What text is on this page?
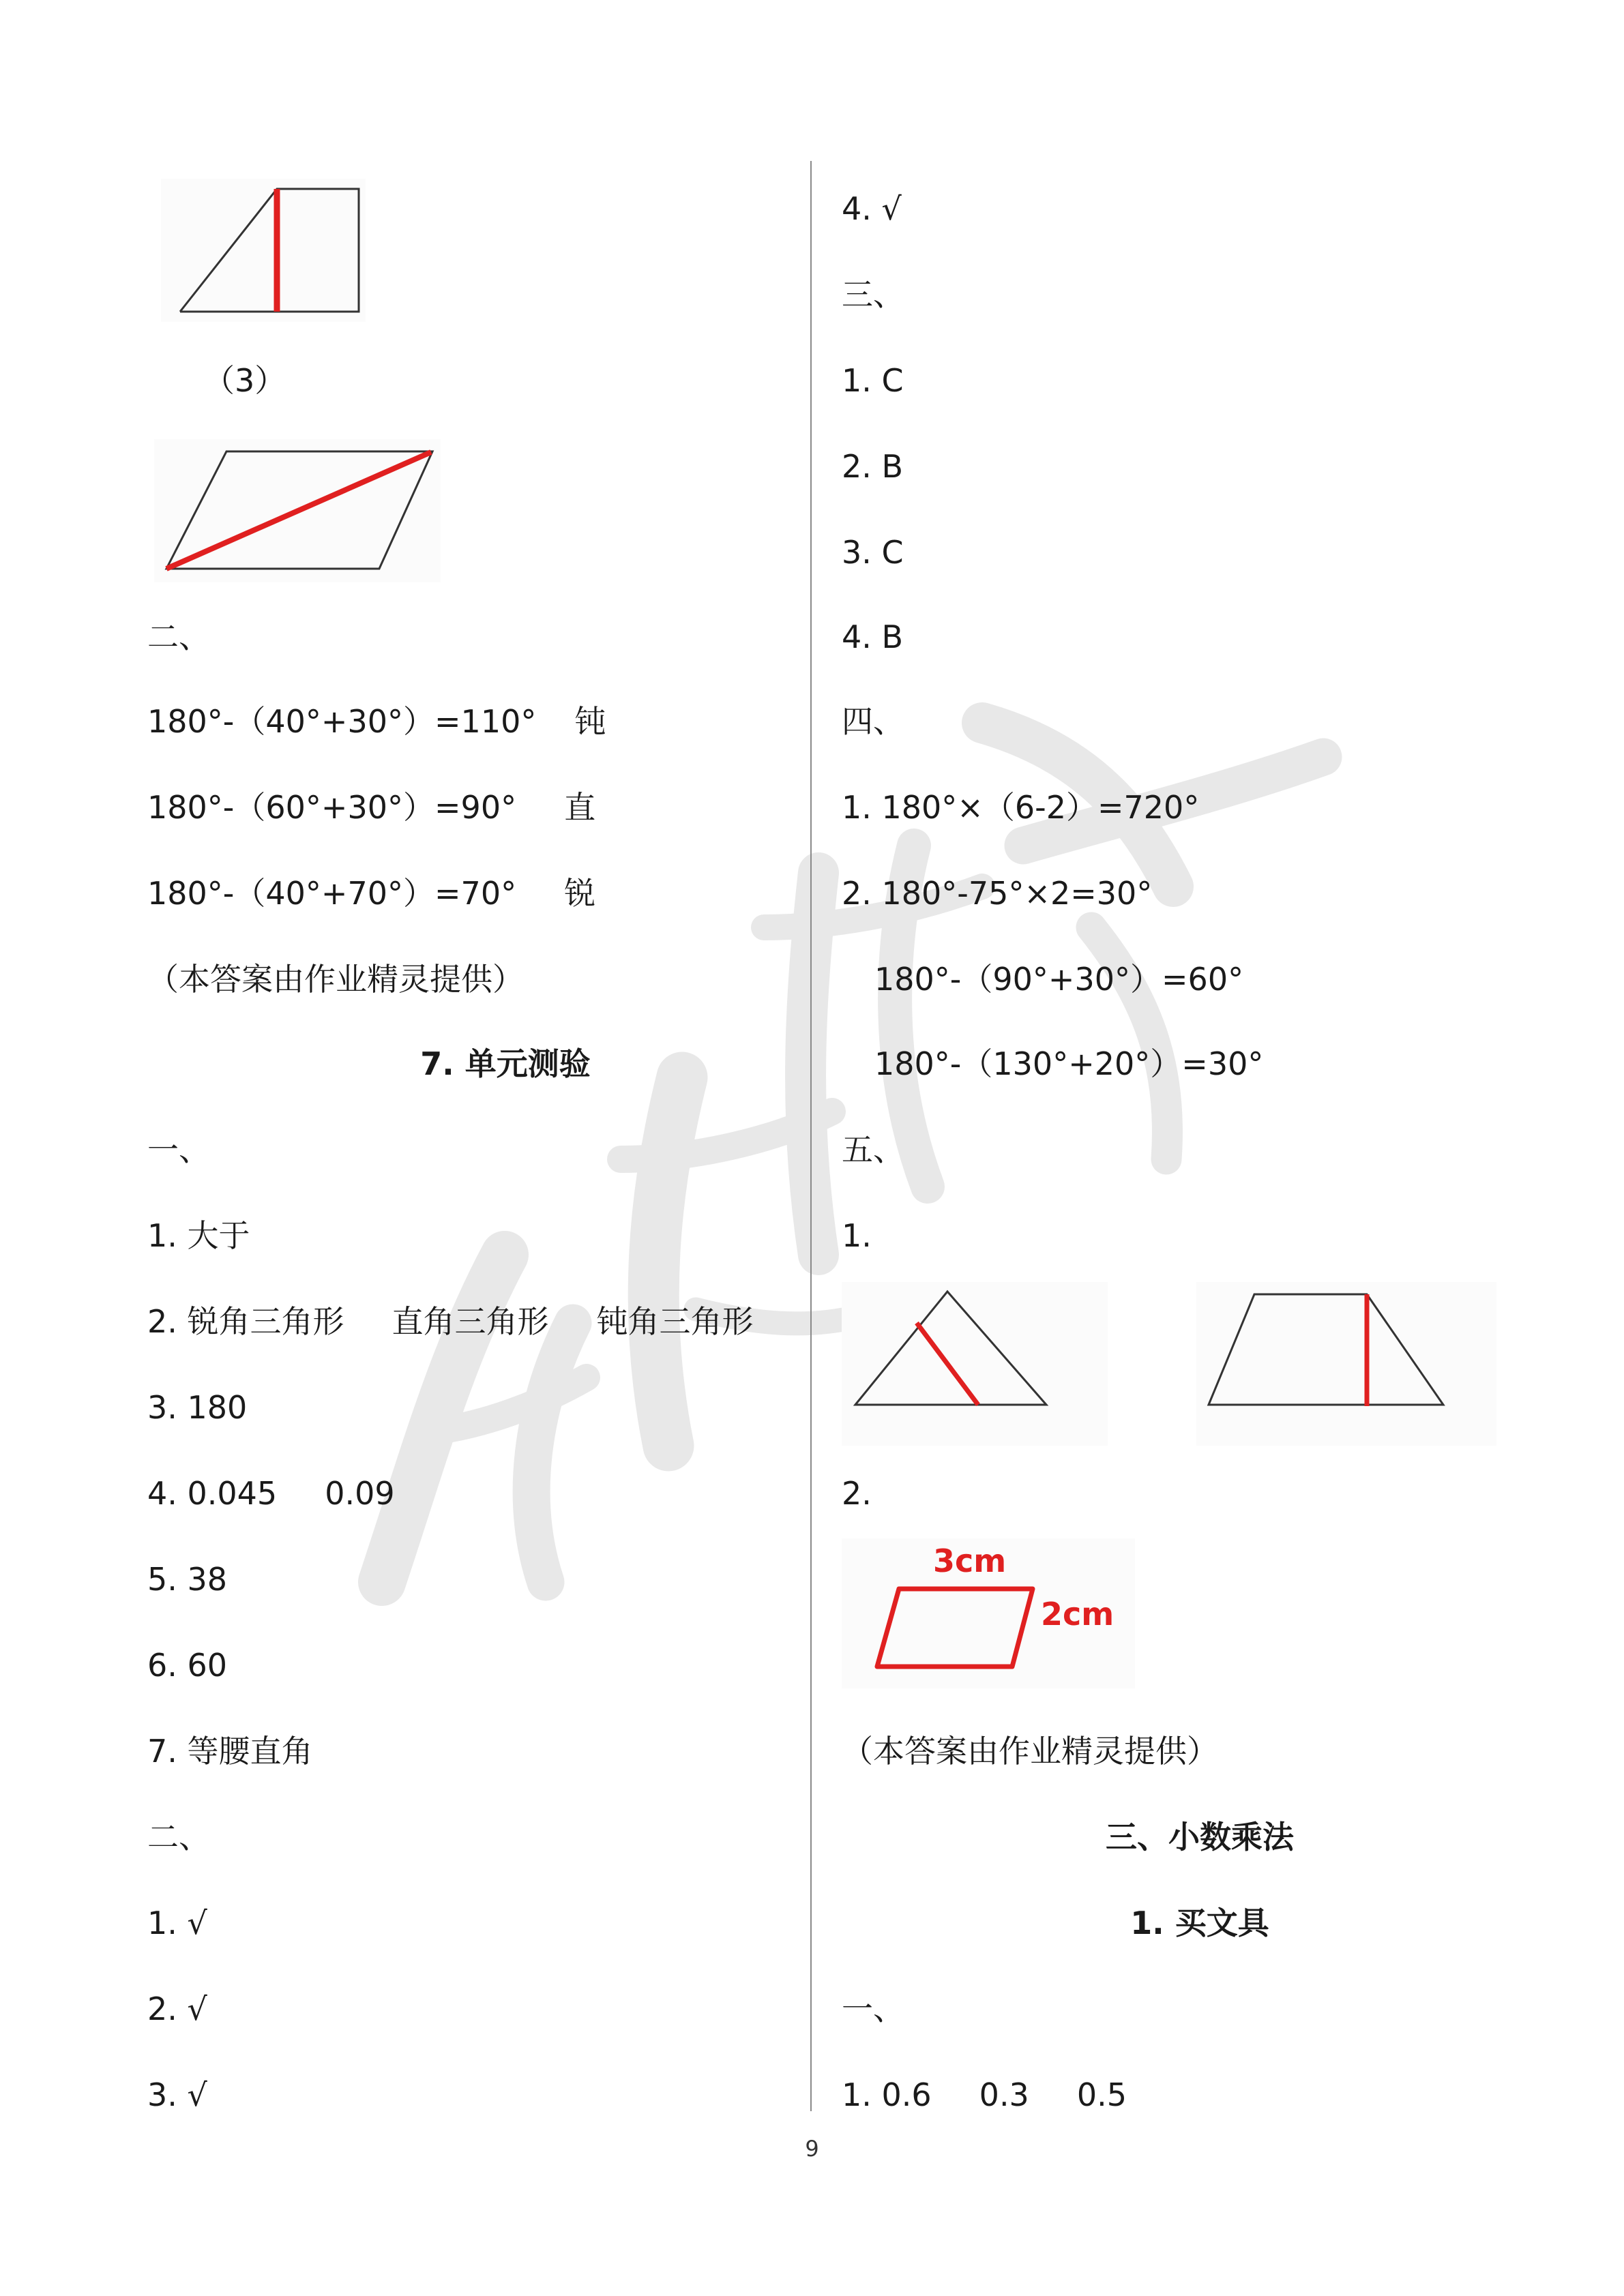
（3）
二、
180°-（40°+30°）=110° 钝
180°-（60°+30°）=90° 直
180°-（40°+70°）=70° 锐
（本答案由作业精灵提供）
7. 单元测验
一、
1. 大于
2. 锐角三角形 直角三角形 钝角三角形
3. 180
4. 0.045 0.09
5. 38
6. 60
7. 等腰直角
二、
1. √
2. √
3. √
4. √
三、
1. C
2. B
3. C
4. B
四、
1. 180°×（6-2）=720°
2. 180°-75°×2=30°
180°-（90°+30°）=60°
180°-（130°+20°）=30°
五、
1.
2.
3cm
2cm
（本答案由作业精灵提供）
三、小数乘法
1. 买文具
一、
1. 0.6 0.3 0.5
9
